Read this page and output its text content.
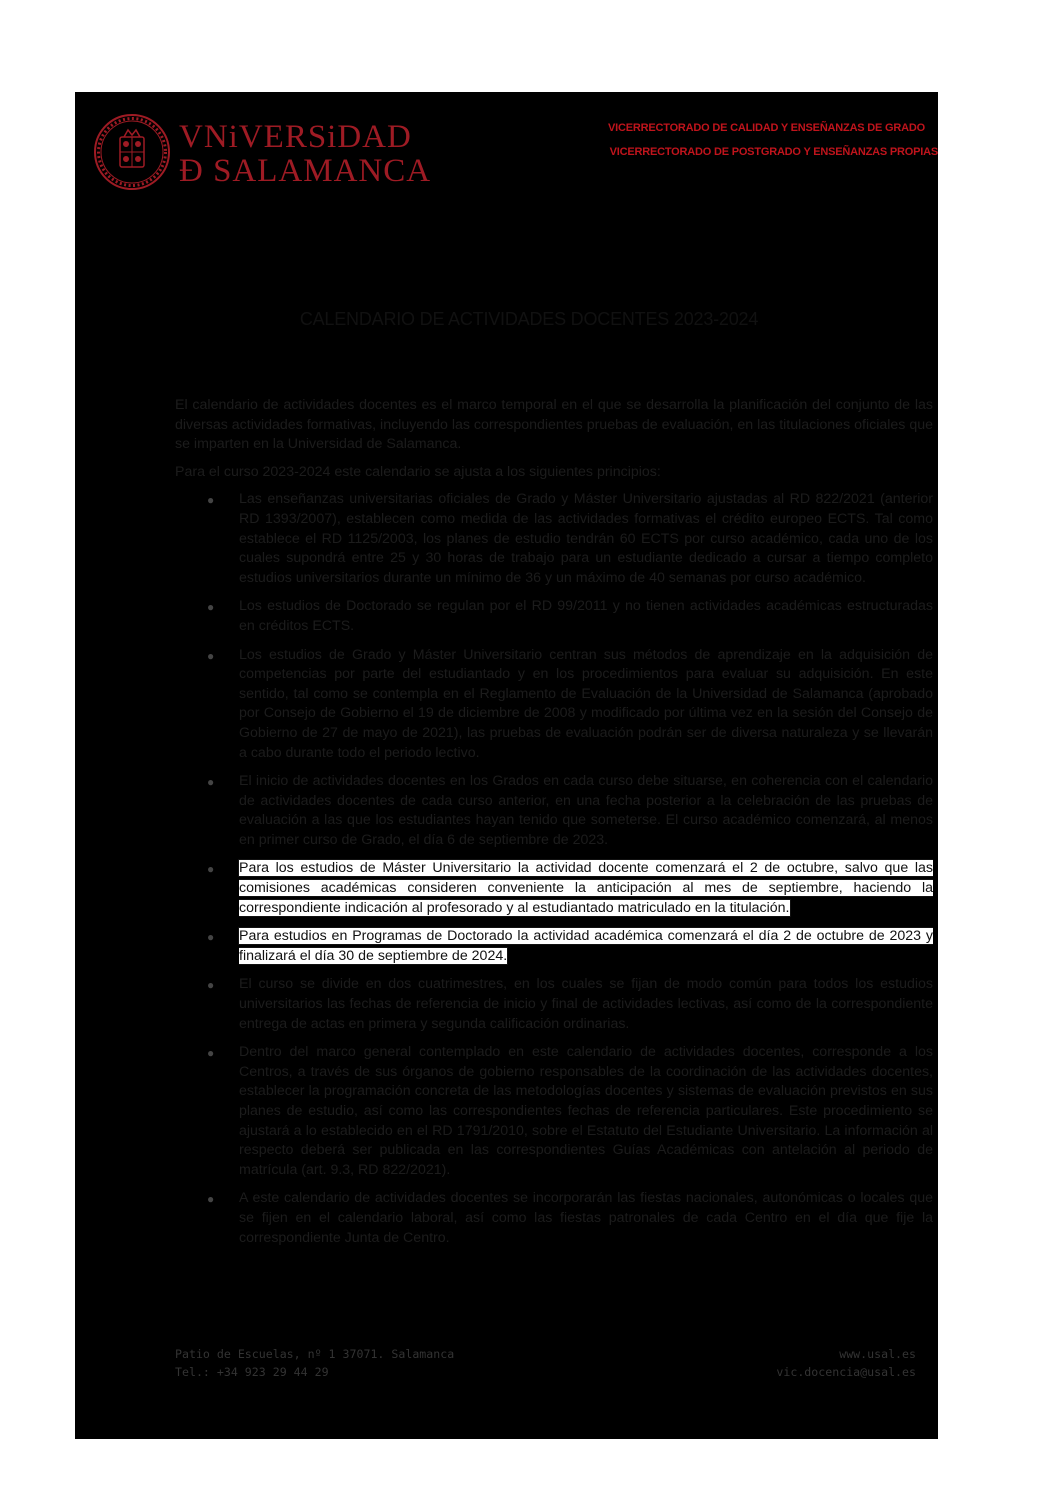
VNiVERSiDAD
Ð SALAMANCA
VICERRECTORADO DE CALIDAD Y ENSEÑANZAS DE GRADO
VICERRECTORADO DE POSTGRADO Y ENSEÑANZAS PROPIAS
CALENDARIO DE ACTIVIDADES DOCENTES 2023-2024

El calendario de actividades docentes es el marco temporal en el que se desarrolla la planificación del conjunto de las diversas actividades formativas, incluyendo las correspondientes pruebas de evaluación, en las titulaciones oficiales que se imparten en la Universidad de Salamanca.

Para el curso 2023-2024 este calendario se ajusta a los siguientes principios:

● Las enseñanzas universitarias oficiales de Grado y Máster Universitario ajustadas al RD 822/2021 (anterior RD 1393/2007), establecen como medida de las actividades formativas el crédito europeo ECTS. Tal como establece el RD 1125/2003, los planes de estudio tendrán 60 ECTS por curso académico, cada uno de los cuales supondrá entre 25 y 30 horas de trabajo para un estudiante dedicado a cursar a tiempo completo estudios universitarios durante un mínimo de 36 y un máximo de 40 semanas por curso académico.
● Los estudios de Doctorado se regulan por el RD 99/2011 y no tienen actividades académicas estructuradas en créditos ECTS.
● Los estudios de Grado y Máster Universitario centran sus métodos de aprendizaje en la adquisición de competencias por parte del estudiantado y en los procedimientos para evaluar su adquisición. En este sentido, tal como se contempla en el Reglamento de Evaluación de la Universidad de Salamanca (aprobado por Consejo de Gobierno el 19 de diciembre de 2008 y modificado por última vez en la sesión del Consejo de Gobierno de 27 de mayo de 2021), las pruebas de evaluación podrán ser de diversa naturaleza y se llevarán a cabo durante todo el periodo lectivo.
● El inicio de actividades docentes en los Grados en cada curso debe situarse, en coherencia con el calendario de actividades docentes de cada curso anterior, en una fecha posterior a la celebración de las pruebas de evaluación a las que los estudiantes hayan tenido que someterse. El curso académico comenzará, al menos en primer curso de Grado, el día 6 de septiembre de 2023.
● Para los estudios de Máster Universitario la actividad docente comenzará el 2 de octubre, salvo que las comisiones académicas consideren conveniente la anticipación al mes de septiembre, haciendo la correspondiente indicación al profesorado y al estudiantado matriculado en la titulación.
● Para estudios en Programas de Doctorado la actividad académica comenzará el día 2 de octubre de 2023 y finalizará el día 30 de septiembre de 2024.
● El curso se divide en dos cuatrimestres, en los cuales se fijan de modo común para todos los estudios universitarios las fechas de referencia de inicio y final de actividades lectivas, así como de la correspondiente entrega de actas en primera y segunda calificación ordinarias.
● Dentro del marco general contemplado en este calendario de actividades docentes, corresponde a los Centros, a través de sus órganos de gobierno responsables de la coordinación de las actividades docentes, establecer la programación concreta de las metodologías docentes y sistemas de evaluación previstos en sus planes de estudio, así como las correspondientes fechas de referencia particulares. Este procedimiento se ajustará a lo establecido en el RD 1791/2010, sobre el Estatuto del Estudiante Universitario. La información al respecto deberá ser publicada en las correspondientes Guías Académicas con antelación al periodo de matrícula (art. 9.3, RD 822/2021).
● A este calendario de actividades docentes se incorporarán las fiestas nacionales, autonómicas o locales que se fijen en el calendario laboral, así como las fiestas patronales de cada Centro en el día que fije la correspondiente Junta de Centro.
Patio de Escuelas, nº 1 37071. Salamanca
Tel.: +34 923 29 44 29
www.usal.es
vic.docencia@usal.es
